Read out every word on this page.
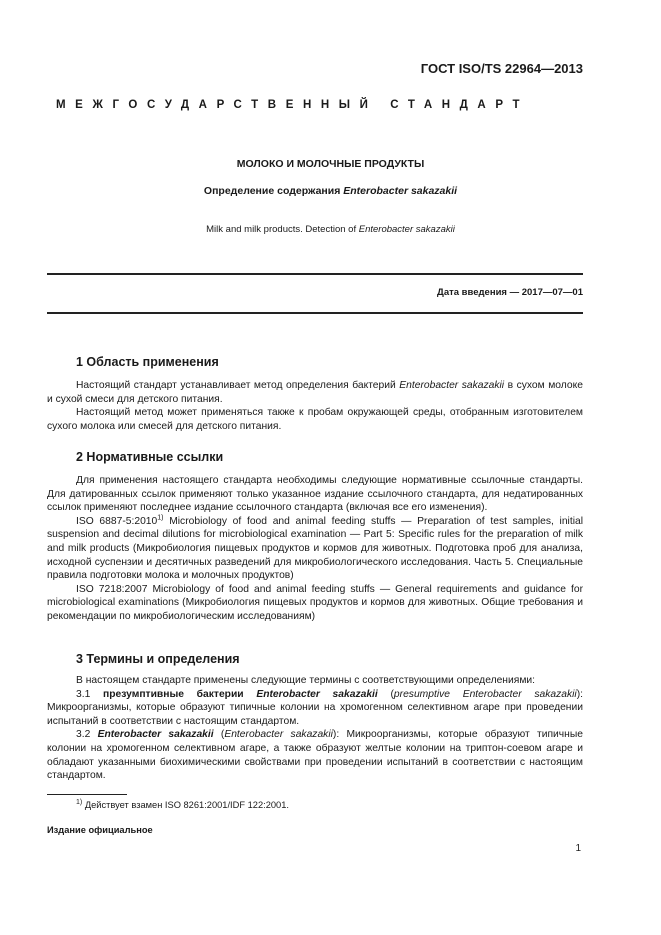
ГОСТ ISO/TS 22964—2013
МЕЖГОСУДАРСТВЕННЫЙ СТАНДАРТ
МОЛОКО И МОЛОЧНЫЕ ПРОДУКТЫ
Определение содержания Enterobacter sakazakii
Milk and milk products. Detection of Enterobacter sakazakii
Дата введения — 2017—07—01
1 Область применения

Настоящий стандарт устанавливает метод определения бактерий Enterobacter sakazakii в сухом молоке и сухой смеси для детского питания.

Настоящий метод может применяться также к пробам окружающей среды, отобранным изготовителем сухого молока или смесей для детского питания.

2 Нормативные ссылки

Для применения настоящего стандарта необходимы следующие нормативные ссылочные стандарты. Для датированных ссылок применяют только указанное издание ссылочного стандарта, для недатированных ссылок применяют последнее издание ссылочного стандарта (включая все его изменения).

ISO 6887-5:2010$^{1)}$ Microbiology of food and animal feeding stuffs — Preparation of test samples, initial suspension and decimal dilutions for microbiological examination — Part 5: Specific rules for the preparation of milk and milk products (Микробиология пищевых продуктов и кормов для животных. Подготовка проб для анализа, исходной суспензии и десятичных разведений для микробиологического исследования. Часть 5. Специальные правила подготовки молока и молочных продуктов)

ISO 7218:2007 Microbiology of food and animal feeding stuffs — General requirements and guidance for microbiological examinations (Микробиология пищевых продуктов и кормов для животных. Общие требования и рекомендации по микробиологическим исследованиям)

3 Термины и определения

В настоящем стандарте применены следующие термины с соответствующими определениями:

3.1 презумптивные бактерии Enterobacter sakazakii (presumptive Enterobacter sakazakii): Микроорганизмы, которые образуют типичные колонии на хромогенном селективном агаре при проведении испытаний в соответствии с настоящим стандартом.

3.2 Enterobacter sakazakii (Enterobacter sakazakii): Микроорганизмы, которые образуют типичные колонии на хромогенном селективном агаре, а также образуют желтые колонии на триптон-соевом агаре и обладают указанными биохимическими свойствами при проведении испытаний в соответствии с настоящим стандартом.

$^{1)}$ Действует взамен ISO 8261:2001/IDF 122:2001.
Издание официальное
1
